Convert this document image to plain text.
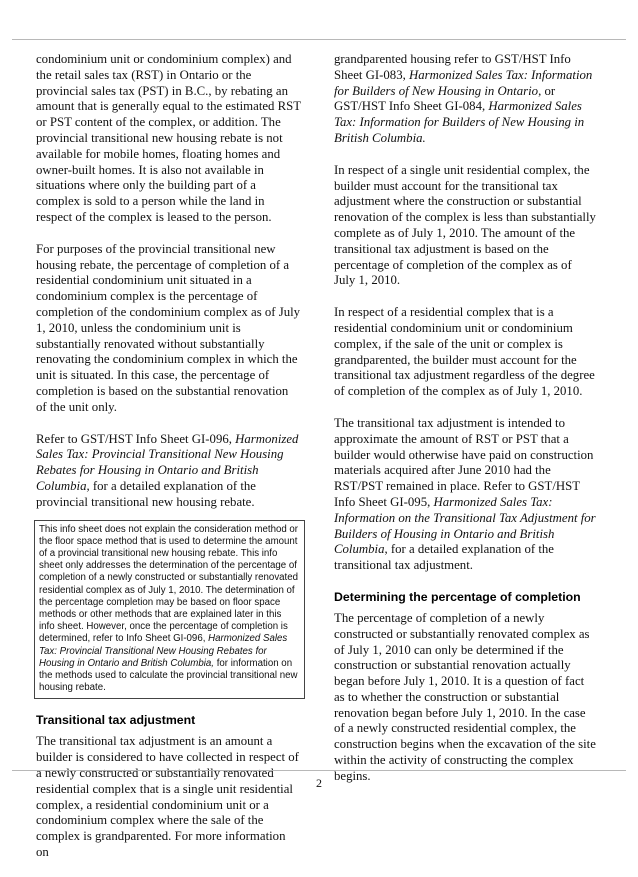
condominium unit or condominium complex) and the retail sales tax (RST) in Ontario or the provincial sales tax (PST) in B.C., by rebating an amount that is generally equal to the estimated RST or PST content of the complex, or addition. The provincial transitional new housing rebate is not available for mobile homes, floating homes and owner-built homes. It is also not available in situations where only the building part of a complex is sold to a person while the land in respect of the complex is leased to the person.

For purposes of the provincial transitional new housing rebate, the percentage of completion of a residential condominium unit situated in a condominium complex is the percentage of completion of the condominium complex as of July 1, 2010, unless the condominium unit is substantially renovated without substantially renovating the condominium complex in which the unit is situated. In this case, the percentage of completion is based on the substantial renovation of the unit only.

Refer to GST/HST Info Sheet GI-096, Harmonized Sales Tax: Provincial Transitional New Housing Rebates for Housing in Ontario and British Columbia, for a detailed explanation of the provincial transitional new housing rebate.

This info sheet does not explain the consideration method or the floor space method that is used to determine the amount of a provincial transitional new housing rebate. This info sheet only addresses the determination of the percentage of completion of a newly constructed or substantially renovated residential complex as of July 1, 2010. The determination of the percentage completion may be based on floor space methods or other methods that are explained later in this info sheet. However, once the percentage of completion is determined, refer to Info Sheet GI-096, Harmonized Sales Tax: Provincial Transitional New Housing Rebates for Housing in Ontario and British Columbia, for information on the methods used to calculate the provincial transitional new housing rebate.

Transitional tax adjustment

The transitional tax adjustment is an amount a builder is considered to have collected in respect of a newly constructed or substantially renovated residential complex that is a single unit residential complex, a residential condominium unit or a condominium complex where the sale of the complex is grandparented. For more information on

grandparented housing refer to GST/HST Info Sheet GI-083, Harmonized Sales Tax: Information for Builders of New Housing in Ontario, or GST/HST Info Sheet GI-084, Harmonized Sales Tax: Information for Builders of New Housing in British Columbia.

In respect of a single unit residential complex, the builder must account for the transitional tax adjustment where the construction or substantial renovation of the complex is less than substantially complete as of July 1, 2010. The amount of the transitional tax adjustment is based on the percentage of completion of the complex as of July 1, 2010.

In respect of a residential complex that is a residential condominium unit or condominium complex, if the sale of the unit or complex is grandparented, the builder must account for the transitional tax adjustment regardless of the degree of completion of the complex as of July 1, 2010.

The transitional tax adjustment is intended to approximate the amount of RST or PST that a builder would otherwise have paid on construction materials acquired after June 2010 had the RST/PST remained in place. Refer to GST/HST Info Sheet GI-095, Harmonized Sales Tax: Information on the Transitional Tax Adjustment for Builders of Housing in Ontario and British Columbia, for a detailed explanation of the transitional tax adjustment.

Determining the percentage of completion

The percentage of completion of a newly constructed or substantially renovated complex as of July 1, 2010 can only be determined if the construction or substantial renovation actually began before July 1, 2010. It is a question of fact as to whether the construction or substantial renovation began before July 1, 2010. In the case of a newly constructed residential complex, the construction begins when the excavation of the site within the activity of constructing the complex begins.

2
